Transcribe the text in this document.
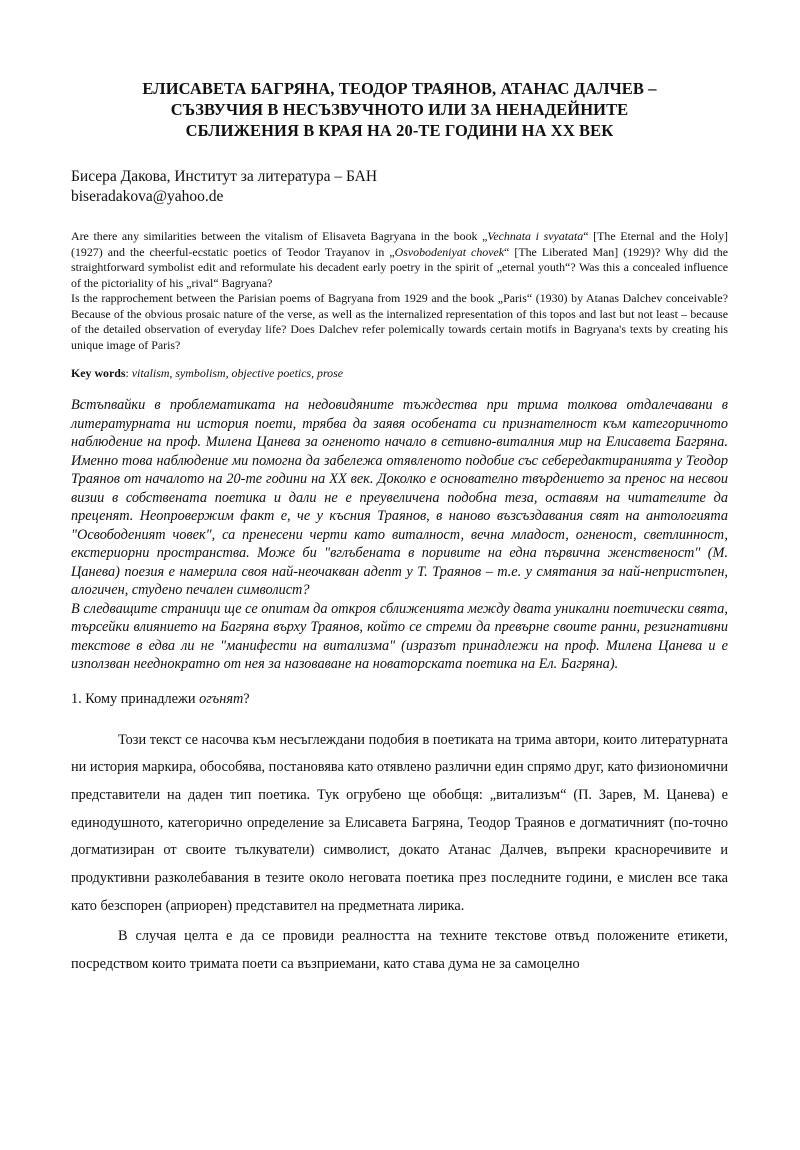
ЕЛИСАВЕТА БАГРЯНА, ТЕОДОР ТРАЯНОВ, АТАНАС ДАЛЧЕВ –
СЪЗВУЧИЯ В НЕСЪЗВУЧНОТО ИЛИ ЗА НЕНАДЕЙНИТЕ
СБЛИЖЕНИЯ В КРАЯ НА 20-ТЕ ГОДИНИ НА ХХ ВЕК
Бисера Дакова, Институт за литература – БАН
biseradakova@yahoo.de

Are there any similarities between the vitalism of Elisaveta Bagryana in the book „Vechnata i svyatata“ [The Eternal and the Holy] (1927) and the cheerful-ecstatic poetics of Teodor Trayanov in „Osvobodeniyat chovek“ [The Liberated Man] (1929)? Why did the straightforward symbolist edit and reformulate his decadent early poetry in the spirit of „eternal youth“? Was this a concealed influence of the pictoriality of his „rival“ Bagryana?

Is the rapprochement between the Parisian poems of Bagryana from 1929 and the book „Paris“ (1930) by Atanas Dalchev conceivable? Because of the obvious prosaic nature of the verse, as well as the internalized representation of this topos and last but not least – because of the detailed observation of everyday life? Does Dalchev refer polemically towards certain motifs in Bagryana's texts by creating his unique image of Paris?

Key words: vitalism, symbolism, objective poetics, prose

Встъпвайки в проблематиката на недовидяните тъждества при трима толкова отдалечавани в литературната ни история поети, трябва да заявя особената си признателност към категоричното наблюдение на проф. Милена Цанева за огненото начало в сетивно-виталния мир на Елисавета Багряна. Именно това наблюдение ми помогна да забележа отявленото подобие със себередактиранията у Теодор Траянов от началото на 20-те години на ХХ век. Доколко е основателно твърдението за пренос на несвои визии в собствената поетика и дали не е преувеличена подобна теза, оставям на читателите да преценят. Неопровержим факт е, че у късния Траянов, в наново възсъздавания свят на антологията "Освободеният човек", са пренесени черти като виталност, вечна младост, огненост, светлинност, екстериорни пространства. Може би "вглъбената в поривите на една първична женственост" (М. Цанева) поезия е намерила своя най-неочакван адепт у Т. Траянов – т.е. у смятания за най-непристъпен, алогичен, студено печален символист?

В следващите страници ще се опитам да открoя сближенията между двата уникални поетически свята, търсейки влиянието на Багряна върху Траянов, който се стреми да превърне своите ранни, резигнативни текстове в едва ли не "манифести на витализма" (изразът принадлежи на проф. Милена Цанева и е използван нееднократно от нея за назоваване на новаторската поетика на Ел. Багряна).

1. Кому принадлежи огънят?

Този текст се насочва към несъглеждани подобия в поетиката на трима автори, които литературната ни история маркира, обособява, постановява като отявлено различни един спрямо друг, като физиономични представители на даден тип поетика. Тук огрубено ще обобщя: „витализъм“ (П. Зарев, М. Цанева) е единодушното, категорично определение за Елисавета Багряна, Теодор Траянов е догматичният (по-точно догматизиран от своите тълкуватели) символист, докато Атанас Далчев, въпреки красноречивите и продуктивни разколебавания в тезите около неговата поетика през последните години, е мислен все така като безспорен (априорен) представител на предметната лирика.

В случая целта е да се провиди реалността на техните текстове отвъд положените етикети, посредством които тримата поети са възприемани, като става дума не за самоцелно
